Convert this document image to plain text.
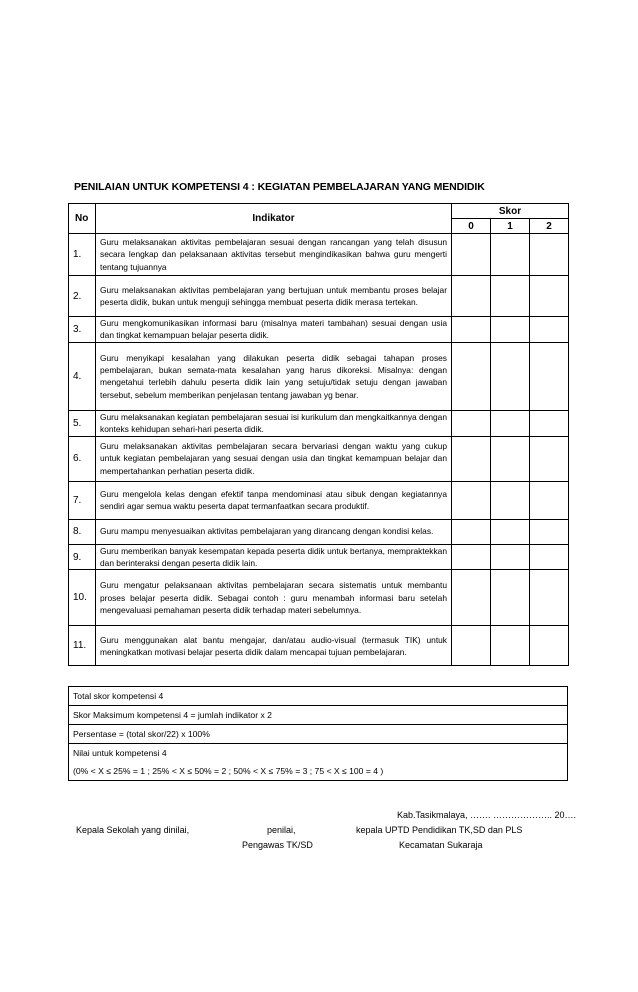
PENILAIAN UNTUK KOMPETENSI 4 : KEGIATAN PEMBELAJARAN YANG MENDIDIK
No	Indikator	Skor		
		0	1	2
1.	Guru melaksanakan aktivitas pembelajaran sesuai dengan rancangan yang telah disusun secara lengkap dan pelaksanaan aktivitas tersebut mengindikasikan bahwa guru mengerti tentang tujuannya			
2.	Guru melaksanakan aktivitas pembelajaran yang bertujuan untuk membantu proses belajar peserta didik, bukan untuk menguji sehingga membuat peserta didik merasa tertekan.			
3.	Guru mengkomunikasikan informasi baru (misalnya materi tambahan) sesuai dengan usia dan tingkat kemampuan belajar peserta didik.			
4.	Guru menyikapi kesalahan yang dilakukan peserta didik sebagai tahapan proses pembelajaran, bukan semata-mata kesalahan yang harus dikoreksi. Misalnya: dengan mengetahui terlebih dahulu peserta didik lain yang setuju/tidak setuju dengan jawaban tersebut, sebelum memberikan penjelasan tentang jawaban yg benar.			
5.	Guru melaksanakan kegiatan pembelajaran sesuai isi kurikulum dan mengkaitkannya dengan konteks kehidupan sehari-hari peserta didik.			
6.	Guru melaksanakan aktivitas pembelajaran secara bervariasi dengan waktu yang cukup untuk kegiatan pembelajaran yang sesuai dengan usia dan tingkat kemampuan belajar dan mempertahankan perhatian peserta didik.			
7.	Guru mengelola kelas dengan efektif tanpa mendominasi atau sibuk dengan kegiatannya sendiri agar semua waktu peserta dapat termanfaatkan secara produktif.			
8.	Guru mampu menyesuaikan aktivitas pembelajaran yang dirancang dengan kondisi kelas.			
9.	Guru memberikan banyak kesempatan kepada peserta didik untuk bertanya, mempraktekkan dan berinteraksi dengan peserta didik lain.			
10.	Guru mengatur pelaksanaan aktivitas pembelajaran secara sistematis untuk membantu proses belajar peserta didik. Sebagai contoh : guru menambah informasi baru setelah mengevaluasi pemahaman peserta didik terhadap materi sebelumnya.			
11.	Guru menggunakan alat bantu mengajar, dan/atau audio-visual (termasuk TIK) untuk meningkatkan motivasi belajar peserta didik dalam mencapai tujuan pembelajaran.			
Total skor kompetensi 4
Skor Maksimum kompetensi 4 = jumlah indikator x 2
Persentase = (total skor/22) x 100%
Nilai untuk kompetensi 4
(0% < X ≤ 25% = 1 ; 25% < X ≤ 50% = 2 ; 50% < X ≤ 75% = 3 ; 75 < X ≤ 100 = 4 )
Kab.Tasikmalaya, ……. ……………….. 20….
Kepala Sekolah yang dinilai,	penilai,	kepala UPTD Pendidikan TK,SD dan PLS
Pengawas TK/SD	Kecamatan Sukaraja
